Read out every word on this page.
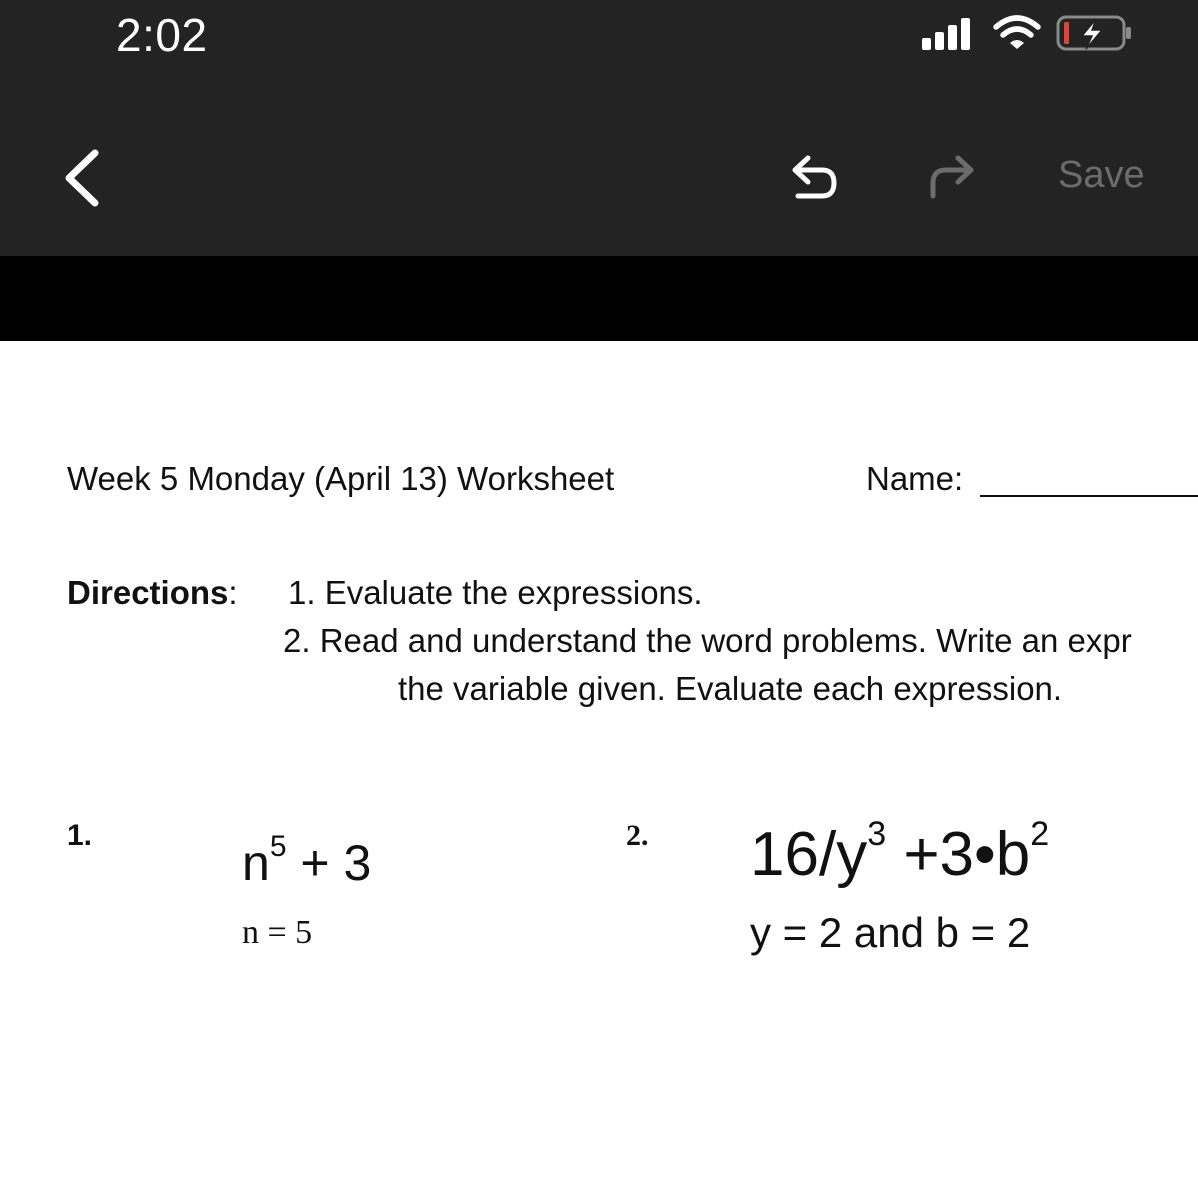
2:02
Save
Week 5 Monday (April 13) Worksheet	Name:
Directions: 1. Evaluate the expressions.
2. Read and understand the word problems. Write an expr
the variable given. Evaluate each expression.
1.	$n^5 + 3$
n = 5
2. $16/y^3$ $+3•b^2$
y = 2 and b = 2
